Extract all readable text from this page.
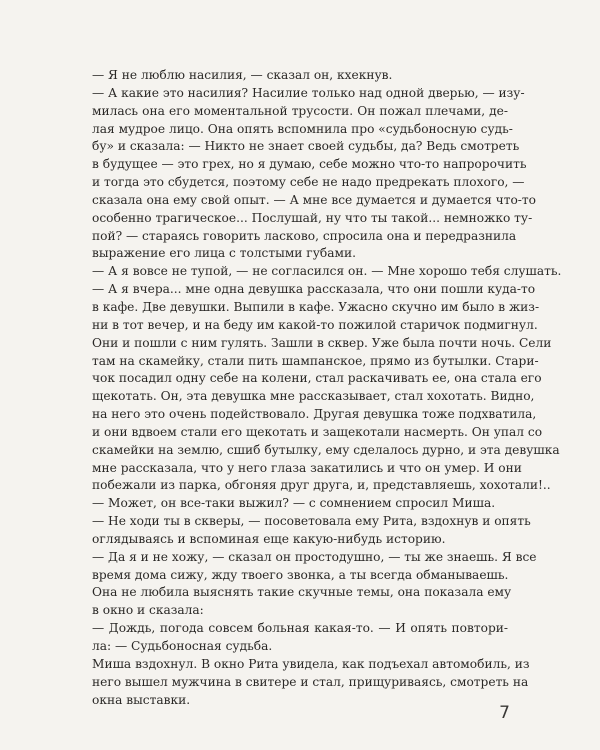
— Я не люблю насилия, — сказал он, кхекнув.
— А какие это насилия? Насилие только над одной дверью, — изу-
милась она его моментальной трусости. Он пожал плечами, де-
лая мудрое лицо. Она опять вспомнила про «судьбоносную судь-
бу» и сказала: — Никто не знает своей судьбы, да? Ведь смотреть
в будущее — это грех, но я думаю, себе можно что-то напророчить
и тогда это сбудется, поэтому себе не надо предрекать плохого, —
сказала она ему свой опыт. — А мне все думается и думается что-то
особенно трагическое... Послушай, ну что ты такой... немножко ту-
пой? — стараясь говорить ласково, спросила она и передразнила
выражение его лица с толстыми губами.
— А я вовсе не тупой, — не согласился он. — Мне хорошо тебя слушать.
— А я вчера... мне одна девушка рассказала, что они пошли куда-то
в кафе. Две девушки. Выпили в кафе. Ужасно скучно им было в жиз-
ни в тот вечер, и на беду им какой-то пожилой старичок подмигнул.
Они и пошли с ним гулять. Зашли в сквер. Уже была почти ночь. Сели
там на скамейку, стали пить шампанское, прямо из бутылки. Стари-
чок посадил одну себе на колени, стал раскачивать ее, она стала его
щекотать. Он, эта девушка мне рассказывает, стал хохотать. Видно,
на него это очень подействовало. Другая девушка тоже подхватила,
и они вдвоем стали его щекотать и защекотали насмерть. Он упал со
скамейки на землю, сшиб бутылку, ему сделалось дурно, и эта девушка
мне рассказала, что у него глаза закатились и что он умер. И они
побежали из парка, обгоняя друг друга, и, представляешь, хохотали!..
— Может, он все-таки выжил? — с сомнением спросил Миша.
— Не ходи ты в скверы, — посоветовала ему Рита, вздохнув и опять
оглядываясь и вспоминая еще какую-нибудь историю.
— Да я и не хожу, — сказал он простодушно, — ты же знаешь. Я все
время дома сижу, жду твоего звонка, а ты всегда обманываешь.
Она не любила выяснять такие скучные темы, она показала ему
в окно и сказала:
— Дождь, погода совсем больная какая-то. — И опять повтори-
ла: — Судьбоносная судьба.
Миша вздохнул. В окно Рита увидела, как подъехал автомобиль, из
него вышел мужчина в свитере и стал, прищуриваясь, смотреть на
окна выставки.
7
